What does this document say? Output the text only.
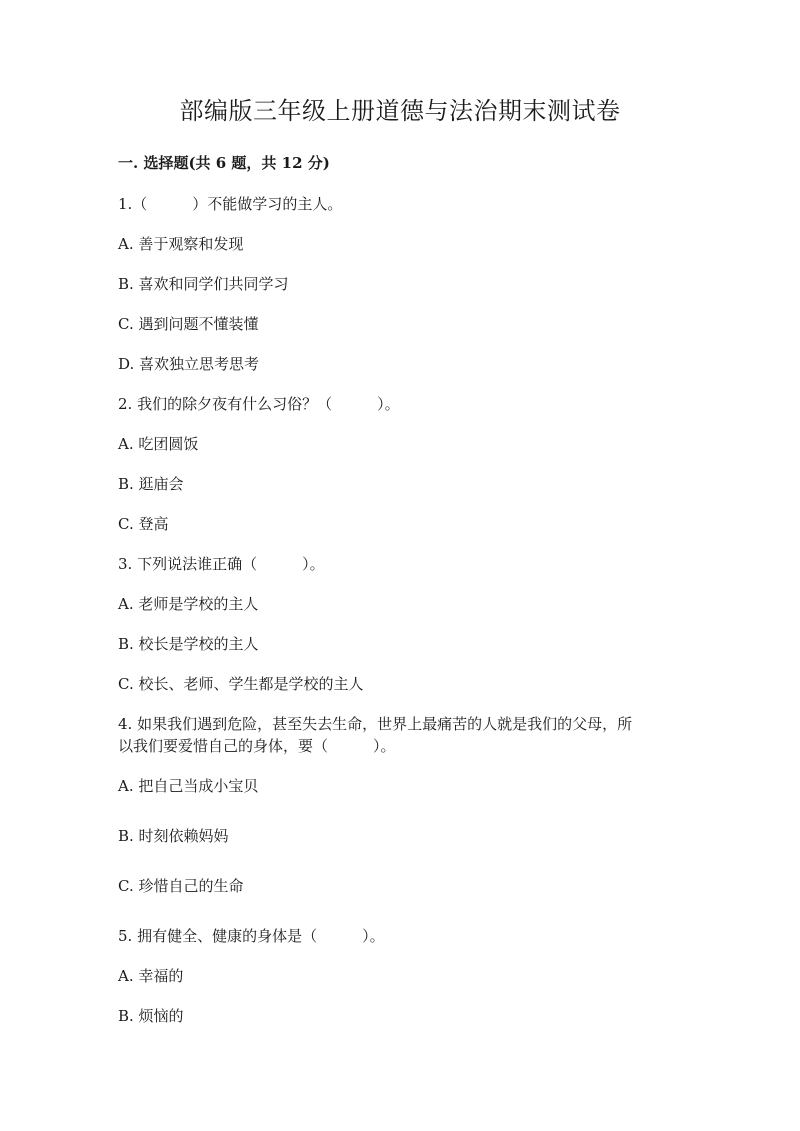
部编版三年级上册道德与法治期末测试卷

一. 选择题(共 6 题，共 12 分)

1.（　　　）不能做学习的主人。

A. 善于观察和发现

B. 喜欢和同学们共同学习

C. 遇到问题不懂装懂

D. 喜欢独立思考思考

2. 我们的除夕夜有什么习俗？（　　　）。

A. 吃团圆饭

B. 逛庙会

C. 登高

3. 下列说法谁正确（　　　）。

A. 老师是学校的主人

B. 校长是学校的主人

C. 校长、老师、学生都是学校的主人

4. 如果我们遇到危险，甚至失去生命，世界上最痛苦的人就是我们的父母，所

以我们要爱惜自己的身体，要（　　　）。

A. 把自己当成小宝贝

B. 时刻依赖妈妈

C. 珍惜自己的生命

5. 拥有健全、健康的身体是（　　　）。

A. 幸福的

B. 烦恼的
